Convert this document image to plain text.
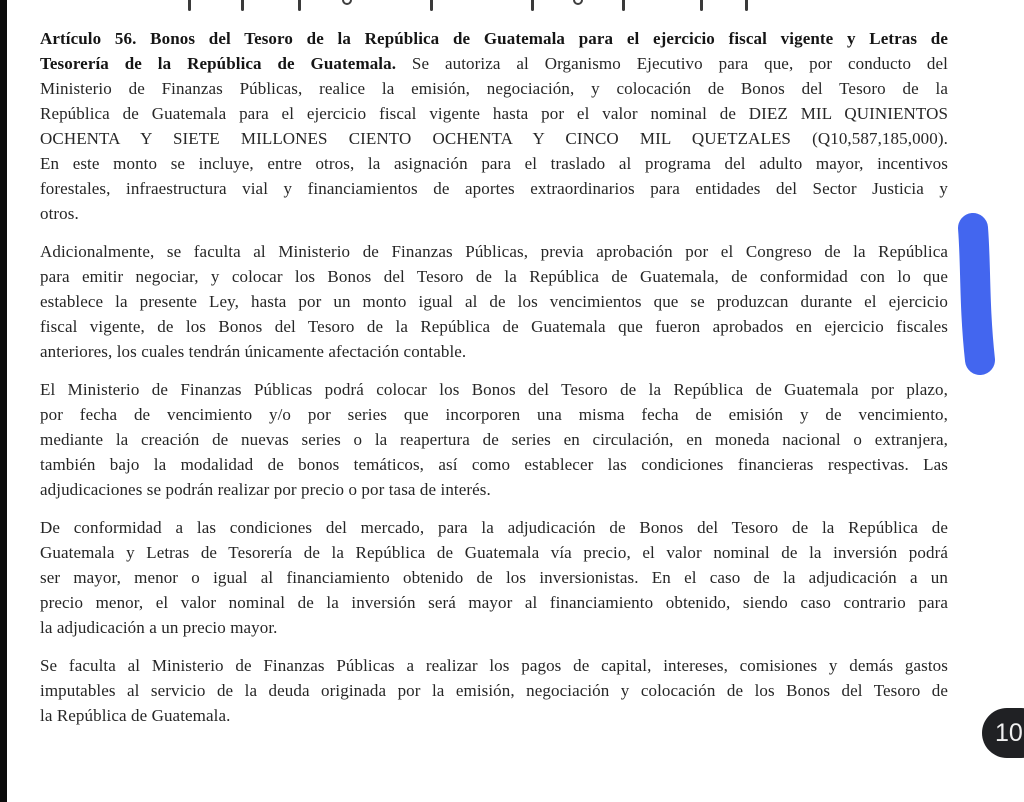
Artículo 56. Bonos del Tesoro de la República de Guatemala para el ejercicio fiscal vigente y Letras de
Tesorería de la República de Guatemala. Se autoriza al Organismo Ejecutivo para que, por conducto del
Ministerio de Finanzas Públicas, realice la emisión, negociación, y colocación de Bonos del Tesoro de la
República de Guatemala para el ejercicio fiscal vigente hasta por el valor nominal de DIEZ MIL QUINIENTOS
OCHENTA Y SIETE MILLONES CIENTO OCHENTA Y CINCO MIL QUETZALES (Q10,587,185,000).
En este monto se incluye, entre otros, la asignación para el traslado al programa del adulto mayor, incentivos
forestales, infraestructura vial y financiamientos de aportes extraordinarios para entidades del Sector Justicia y
otros.
Adicionalmente, se faculta al Ministerio de Finanzas Públicas, previa aprobación por el Congreso de la República
para emitir negociar, y colocar los Bonos del Tesoro de la República de Guatemala, de conformidad con lo que
establece la presente Ley, hasta por un monto igual al de los vencimientos que se produzcan durante el ejercicio
fiscal vigente, de los Bonos del Tesoro de la República de Guatemala que fueron aprobados en ejercicio fiscales
anteriores, los cuales tendrán únicamente afectación contable.
El Ministerio de Finanzas Públicas podrá colocar los Bonos del Tesoro de la República de Guatemala por plazo,
por fecha de vencimiento y/o por series que incorporen una misma fecha de emisión y de vencimiento,
mediante la creación de nuevas series o la reapertura de series en circulación, en moneda nacional o extranjera,
también bajo la modalidad de bonos temáticos, así como establecer las condiciones financieras respectivas. Las
adjudicaciones se podrán realizar por precio o por tasa de interés.
De conformidad a las condiciones del mercado, para la adjudicación de Bonos del Tesoro de la República de
Guatemala y Letras de Tesorería de la República de Guatemala vía precio, el valor nominal de la inversión podrá
ser mayor, menor o igual al financiamiento obtenido de los inversionistas. En el caso de la adjudicación a un
precio menor, el valor nominal de la inversión será mayor al financiamiento obtenido, siendo caso contrario para
la adjudicación a un precio mayor.
Se faculta al Ministerio de Finanzas Públicas a realizar los pagos de capital, intereses, comisiones y demás gastos
imputables al servicio de la deuda originada por la emisión, negociación y colocación de los Bonos del Tesoro de
la República de Guatemala.
10
